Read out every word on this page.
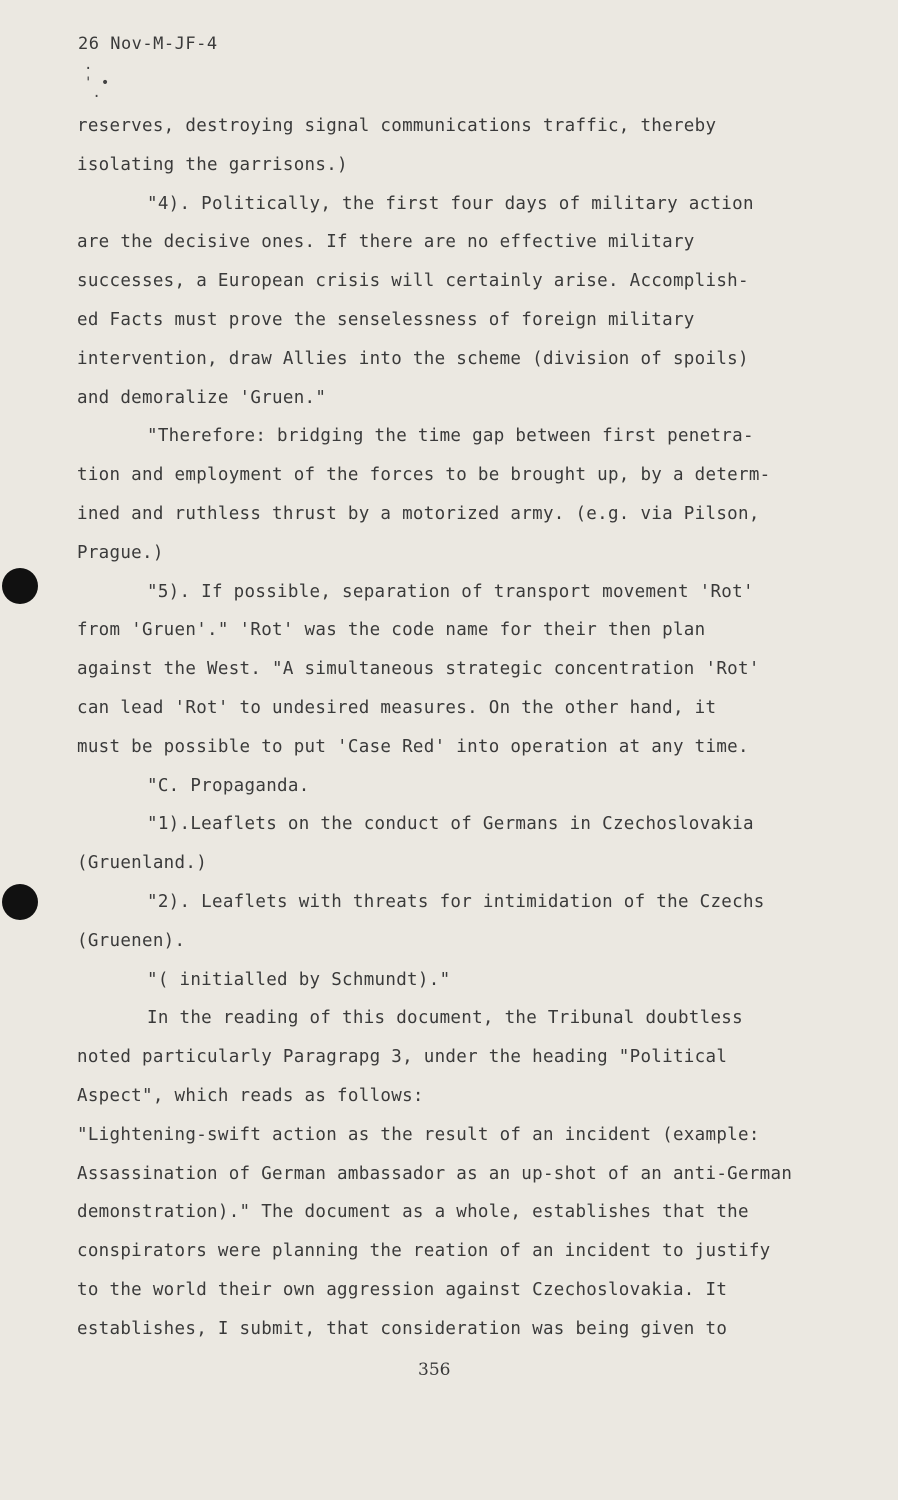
26 Nov-M-JF-4
·
' •
·
reserves, destroying signal communications traffic, thereby
isolating the garrisons.)
"4). Politically, the first four days of military action
are the decisive ones. If there are no effective military
successes, a European crisis will certainly arise. Accomplish-
ed Facts must prove the senselessness of foreign military
intervention, draw Allies into the scheme (division of spoils)
and demoralize 'Gruen."
"Therefore: bridging the time gap between first penetra-
tion and employment of the forces to be brought up, by a determ-
ined and ruthless thrust by a motorized army. (e.g. via Pilson,
Prague.)
"5). If possible, separation of transport movement 'Rot'
from 'Gruen'." 'Rot' was the code name for their then plan
against the West. "A simultaneous strategic concentration 'Rot'
can lead 'Rot' to undesired measures. On the other hand, it
must be possible to put 'Case Red' into operation at any time.
"C. Propaganda.
"1).Leaflets on the conduct of Germans in Czechoslovakia
(Gruenland.)
"2). Leaflets with threats for intimidation of the Czechs
(Gruenen).
"( initialled by Schmundt)."
In the reading of this document, the Tribunal doubtless
noted particularly Paragrapg 3, under the heading "Political
Aspect", which reads as follows:
"Lightening-swift action as the result of an incident (example:
Assassination of German ambassador as an up-shot of an anti-German
demonstration)." The document as a whole, establishes that the
conspirators were planning the reation of an incident to justify
to the world their own aggression against Czechoslovakia. It
establishes, I submit, that consideration was being given to
356
